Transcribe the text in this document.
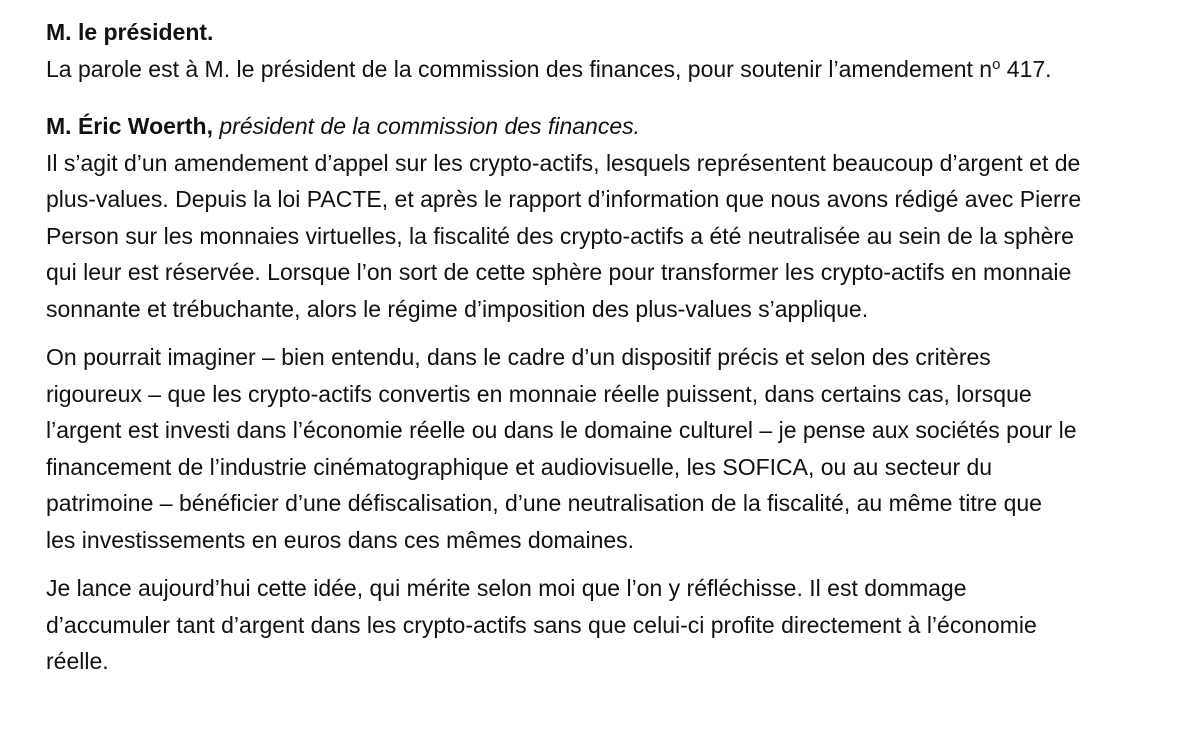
M. le président.

La parole est à M. le président de la commission des finances, pour soutenir l’amendement $n^o$ 417.

M. Éric Woerth, président de la commission des finances.

Il s’agit d’un amendement d’appel sur les crypto-actifs, lesquels représentent beaucoup d’argent et de
plus-values. Depuis la loi PACTE, et après le rapport d’information que nous avons rédigé avec Pierre
Person sur les monnaies virtuelles, la fiscalité des crypto-actifs a été neutralisée au sein de la sphère
qui leur est réservée. Lorsque l’on sort de cette sphère pour transformer les crypto-actifs en monnaie
sonnante et trébuchante, alors le régime d’imposition des plus-values s’applique.

On pourrait imaginer – bien entendu, dans le cadre d’un dispositif précis et selon des critères
rigoureux – que les crypto-actifs convertis en monnaie réelle puissent, dans certains cas, lorsque
l’argent est investi dans l’économie réelle ou dans le domaine culturel – je pense aux sociétés pour le
financement de l’industrie cinématographique et audiovisuelle, les SOFICA, ou au secteur du
patrimoine – bénéficier d’une défiscalisation, d’une neutralisation de la fiscalité, au même titre que
les investissements en euros dans ces mêmes domaines.

Je lance aujourd’hui cette idée, qui mérite selon moi que l’on y réfléchisse. Il est dommage
d’accumuler tant d’argent dans les crypto-actifs sans que celui-ci profite directement à l’économie
réelle.
